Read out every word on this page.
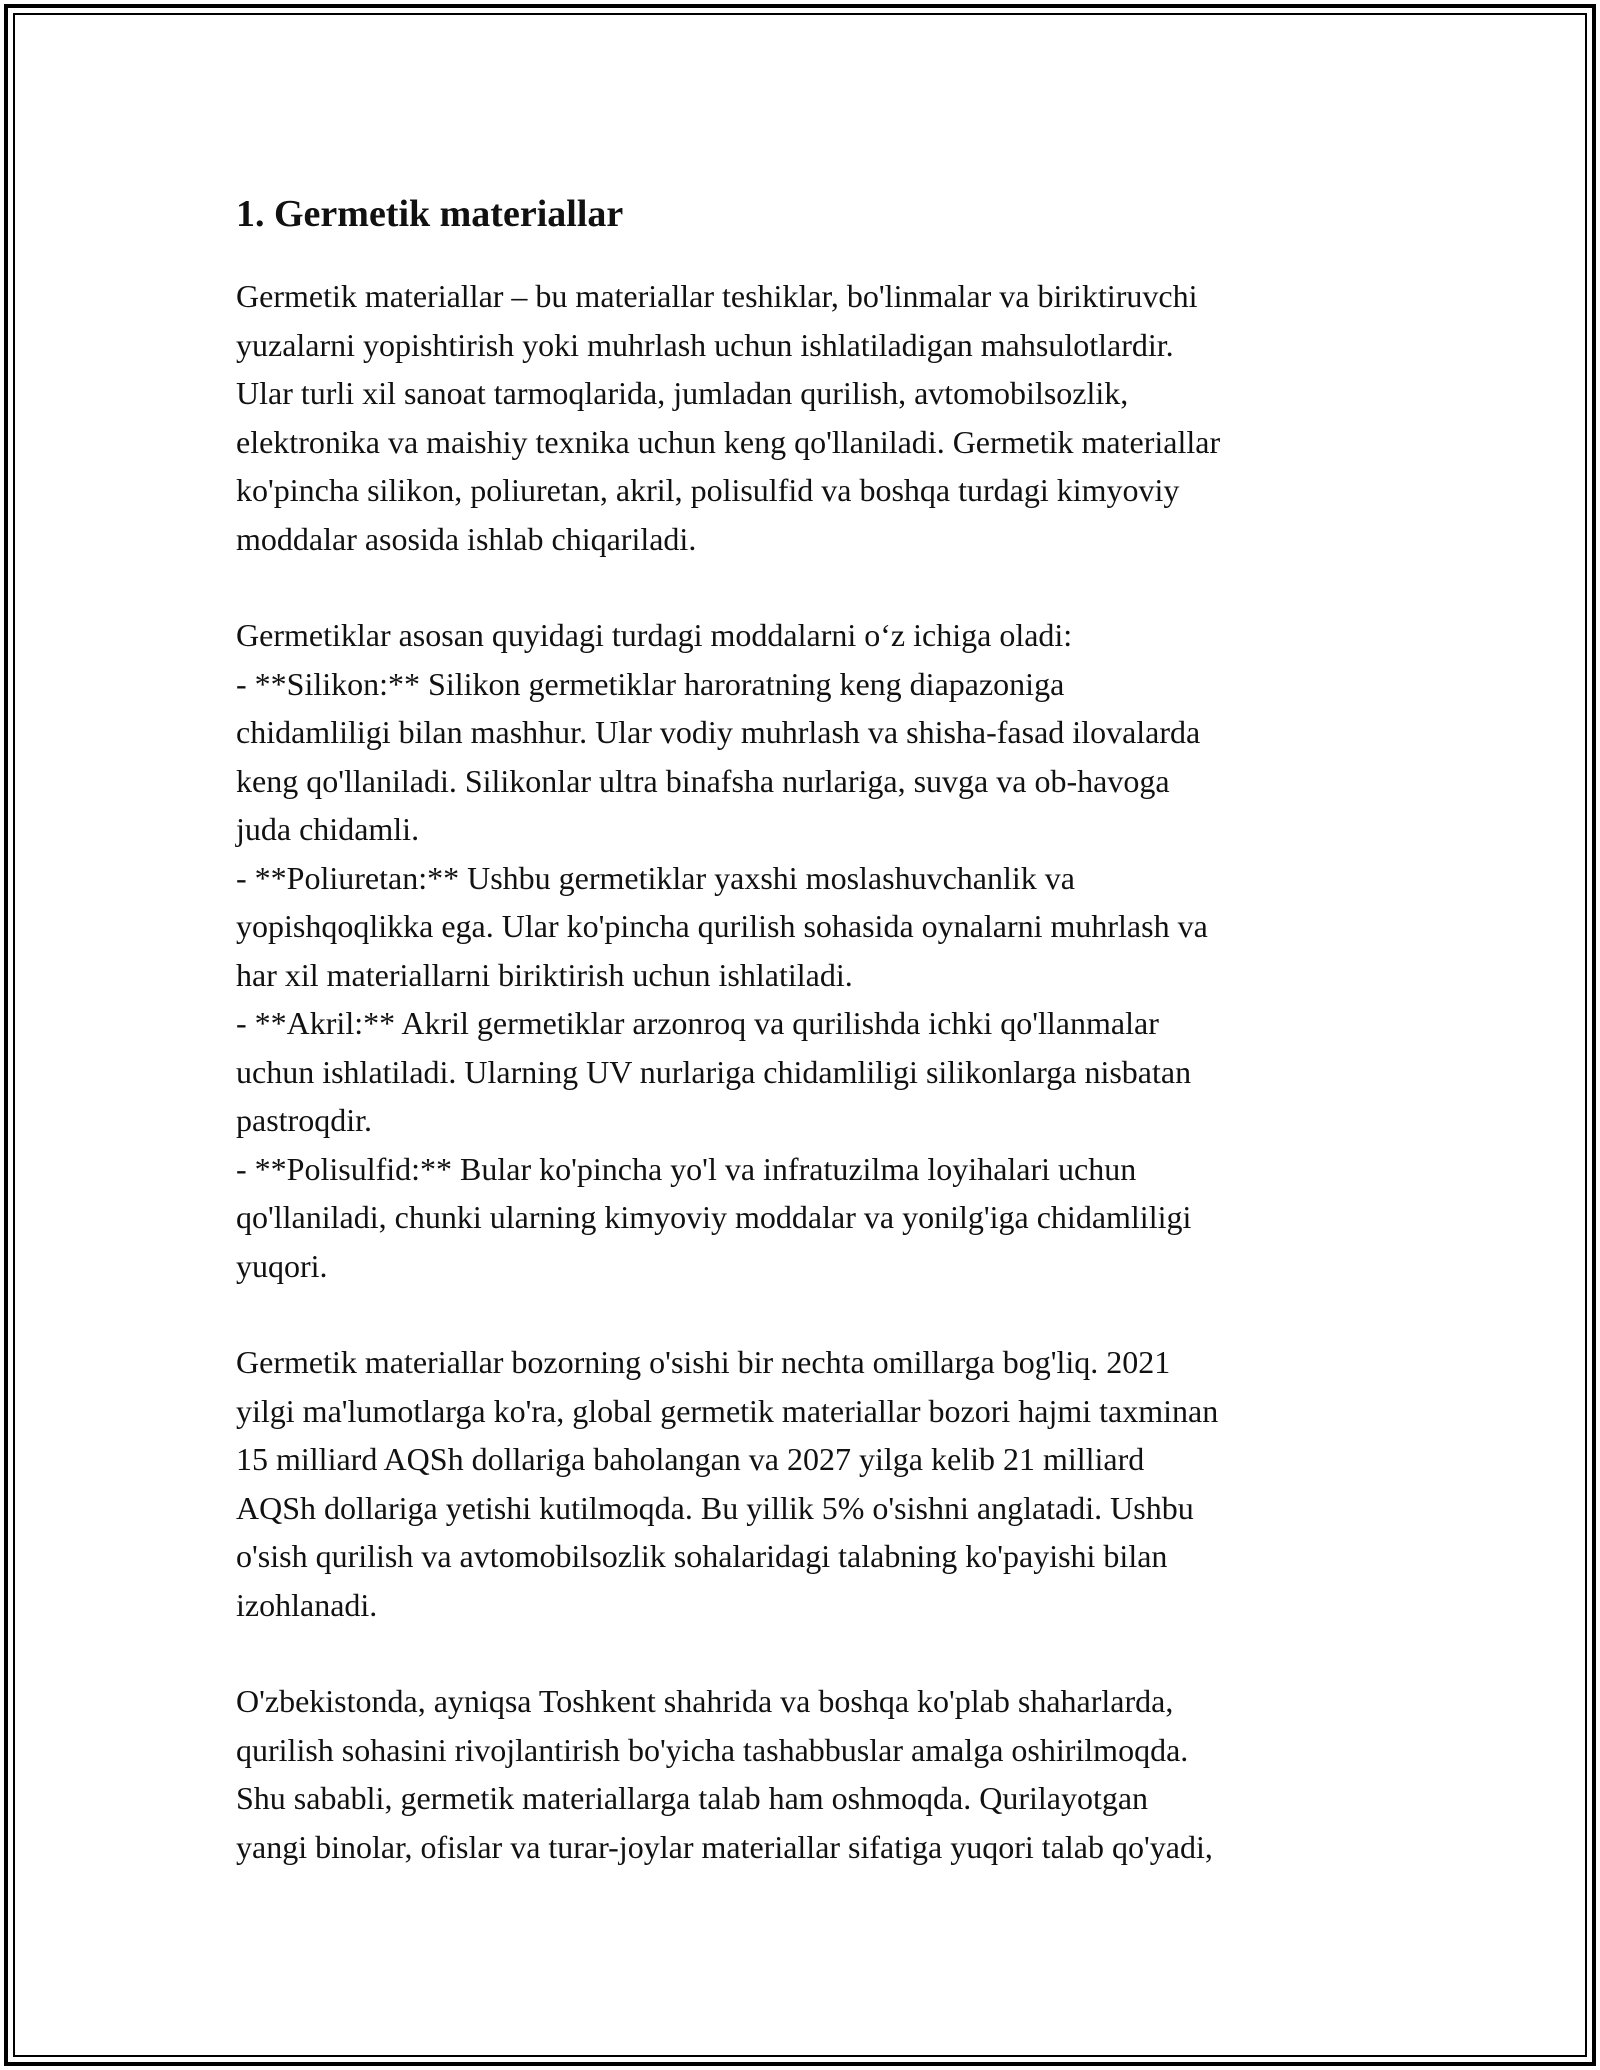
1. Germetik materiallar

Germetik materiallar – bu materiallar teshiklar, bo'linmalar va biriktiruvchi
yuzalarni yopishtirish yoki muhrlash uchun ishlatiladigan mahsulotlardir.
Ular turli xil sanoat tarmoqlarida, jumladan qurilish, avtomobilsozlik,
elektronika va maishiy texnika uchun keng qo'llaniladi. Germetik materiallar
ko'pincha silikon, poliuretan, akril, polisulfid va boshqa turdagi kimyoviy
moddalar asosida ishlab chiqariladi.

Germetiklar asosan quyidagi turdagi moddalarni o‘z ichiga oladi:
- **Silikon:** Silikon germetiklar haroratning keng diapazoniga
chidamliligi bilan mashhur. Ular vodiy muhrlash va shisha-fasad ilovalarda
keng qo'llaniladi. Silikonlar ultra binafsha nurlariga, suvga va ob-havoga
juda chidamli.
- **Poliuretan:** Ushbu germetiklar yaxshi moslashuvchanlik va
yopishqoqlikka ega. Ular ko'pincha qurilish sohasida oynalarni muhrlash va
har xil materiallarni biriktirish uchun ishlatiladi.
- **Akril:** Akril germetiklar arzonroq va qurilishda ichki qo'llanmalar
uchun ishlatiladi. Ularning UV nurlariga chidamliligi silikonlarga nisbatan
pastroqdir.
- **Polisulfid:** Bular ko'pincha yo'l va infratuzilma loyihalari uchun
qo'llaniladi, chunki ularning kimyoviy moddalar va yonilg'iga chidamliligi
yuqori.

Germetik materiallar bozorning o'sishi bir nechta omillarga bog'liq. 2021
yilgi ma'lumotlarga ko'ra, global germetik materiallar bozori hajmi taxminan
15 milliard AQSh dollariga baholangan va 2027 yilga kelib 21 milliard
AQSh dollariga yetishi kutilmoqda. Bu yillik 5% o'sishni anglatadi. Ushbu
o'sish qurilish va avtomobilsozlik sohalaridagi talabning ko'payishi bilan
izohlanadi.

O'zbekistonda, ayniqsa Toshkent shahrida va boshqa ko'plab shaharlarda,
qurilish sohasini rivojlantirish bo'yicha tashabbuslar amalga oshirilmoqda.
Shu sababli, germetik materiallarga talab ham oshmoqda. Qurilayotgan
yangi binolar, ofislar va turar-joylar materiallar sifatiga yuqori talab qo'yadi,
